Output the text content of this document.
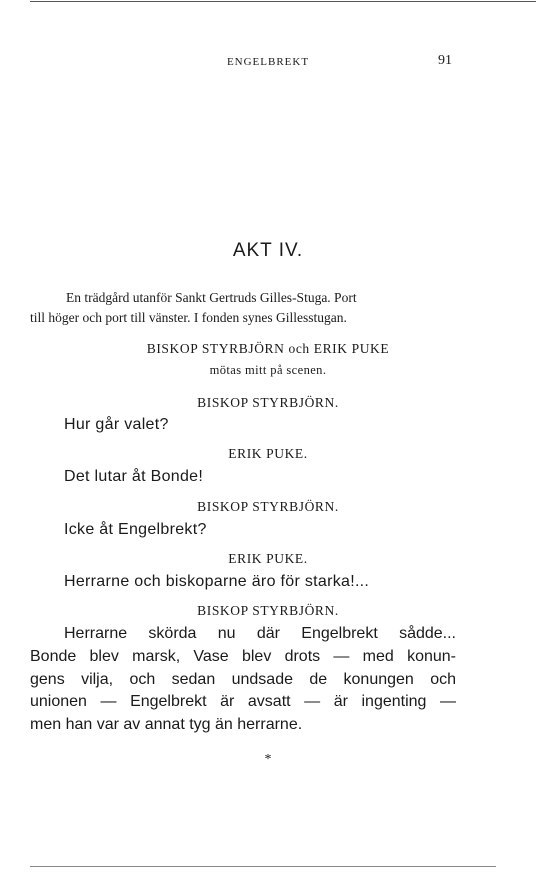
ENGELBREKT	91
AKT IV.
En trädgård utanför Sankt Gertruds Gilles-Stuga. Port
till höger och port till vänster. I fonden synes Gillesstugan.
BISKOP STYRBJÖRN och ERIK PUKE
mötas mitt på scenen.
BISKOP STYRBJÖRN.
Hur går valet?
ERIK PUKE.
Det lutar åt Bonde!
BISKOP STYRBJÖRN.
Icke åt Engelbrekt?
ERIK PUKE.
Herrarne och biskoparne äro för starka!...
BISKOP STYRBJÖRN.
Herrarne skörda nu där Engelbrekt sådde...
Bonde blev marsk, Vase blev drots — med konun-
gens vilja, och sedan undsade de konungen och
unionen — Engelbrekt är avsatt — är ingenting —
men han var av annat tyg än herrarne.
*
